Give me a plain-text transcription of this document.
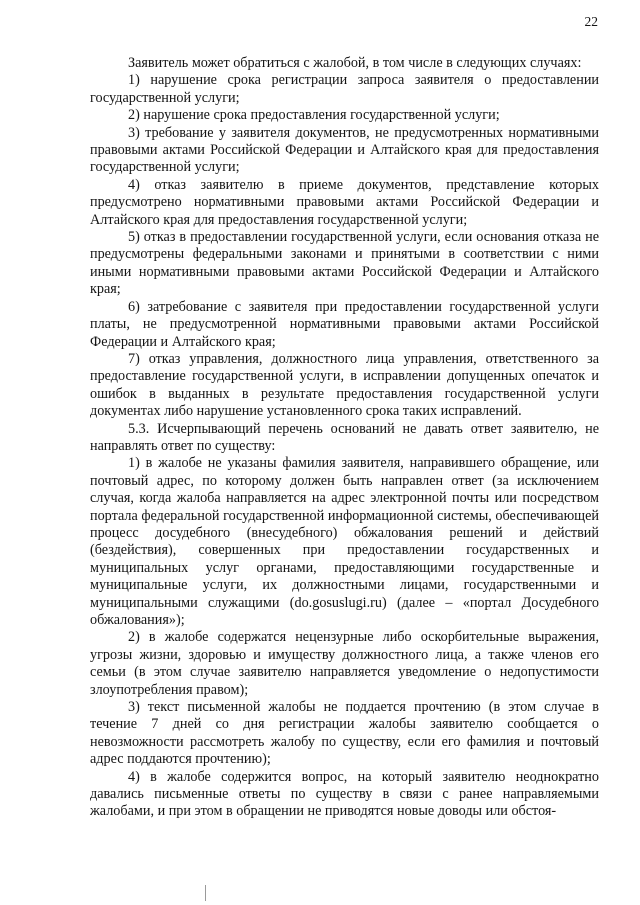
22

Заявитель может обратиться с жалобой, в том числе в следующих случаях:

1) нарушение срока регистрации запроса заявителя о предоставлении государственной услуги;

2) нарушение срока предоставления государственной услуги;

3) требование у заявителя документов, не предусмотренных нормативными правовыми актами Российской Федерации и Алтайского края для предоставления государственной услуги;

4) отказ заявителю в приеме документов, представление которых предусмотрено нормативными правовыми актами Российской Федерации и Алтайского края для предоставления государственной услуги;

5) отказ в предоставлении государственной услуги, если основания отказа не предусмотрены федеральными законами и принятыми в соответствии с ними иными нормативными правовыми актами Российской Федерации и Алтайского края;

6) затребование с заявителя при предоставлении государственной услуги платы, не предусмотренной нормативными правовыми актами Российской Федерации и Алтайского края;

7) отказ управления, должностного лица управления, ответственного за предоставление государственной услуги, в исправлении допущенных опечаток и ошибок в выданных в результате предоставления государственной услуги документах либо нарушение установленного срока таких исправлений.

5.3. Исчерпывающий перечень оснований не давать ответ заявителю, не направлять ответ по существу:

1) в жалобе не указаны фамилия заявителя, направившего обращение, или почтовый адрес, по которому должен быть направлен ответ (за исключением случая, когда жалоба направляется на адрес электронной почты или посредством портала федеральной государственной информационной системы, обеспечивающей процесс досудебного (внесудебного) обжалования решений и действий (бездействия), совершенных при предоставлении государственных и муниципальных услуг органами, предоставляющими государственные и муниципальные услуги, их должностными лицами, государственными и муниципальными служащими (do.gosuslugi.ru) (далее – «портал Досудебного обжалования»);

2) в жалобе содержатся нецензурные либо оскорбительные выражения, угрозы жизни, здоровью и имуществу должностного лица, а также членов его семьи (в этом случае заявителю направляется уведомление о недопустимости злоупотребления правом);

3) текст письменной жалобы не поддается прочтению (в этом случае в течение 7 дней со дня регистрации жалобы заявителю сообщается о невозможности рассмотреть жалобу по существу, если его фамилия и почтовый адрес поддаются прочтению);

4) в жалобе содержится вопрос, на который заявителю неоднократно давались письменные ответы по существу в связи с ранее направляемыми жалобами, и при этом в обращении не приводятся новые доводы или обстоя-
